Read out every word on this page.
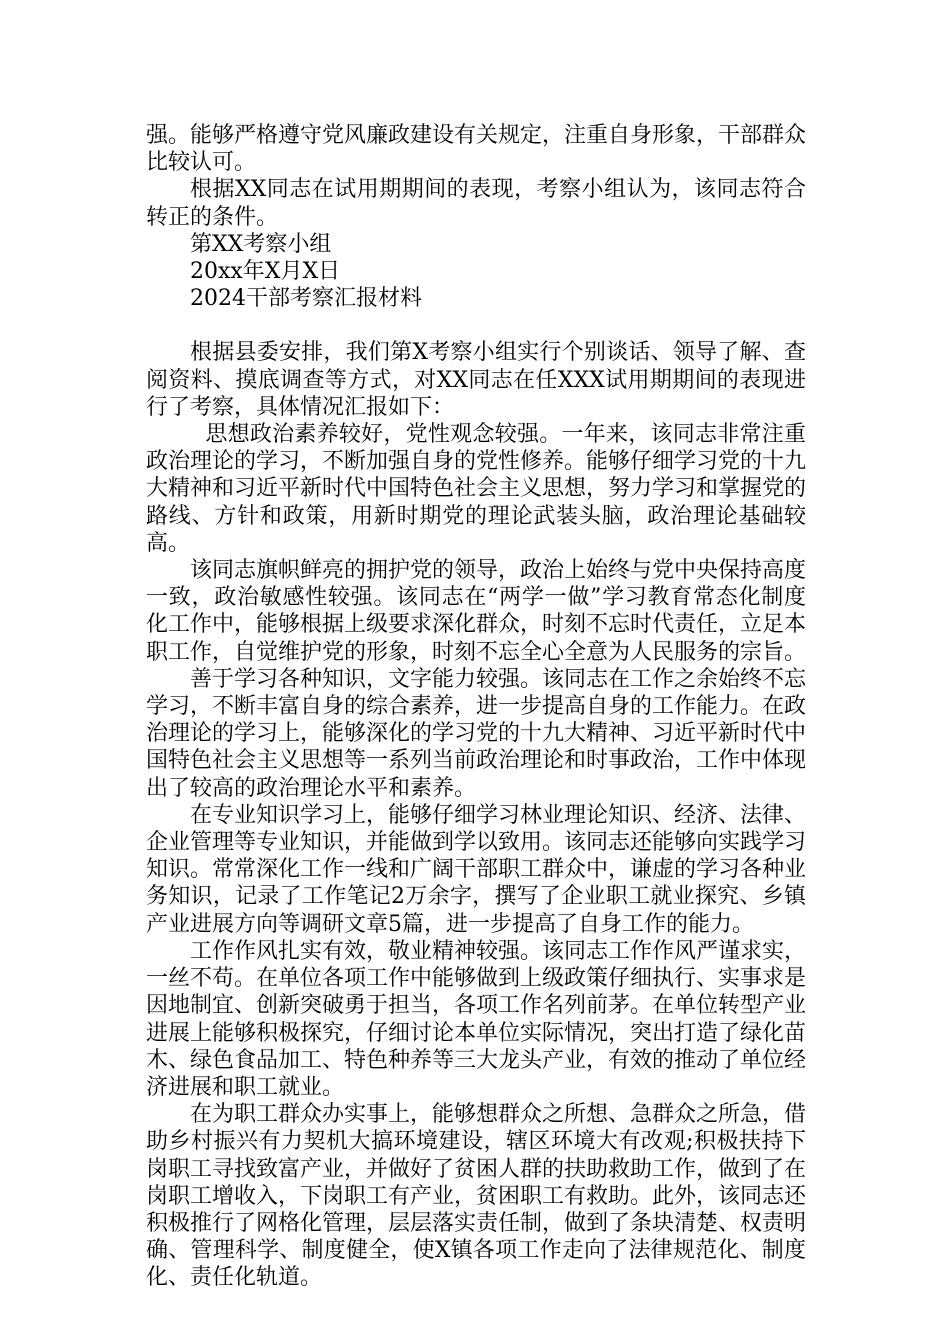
强。能够严格遵守党风廉政建设有关规定，注重自身形象，干部群众比较认可。

根据XX同志在试用期期间的表现，考察小组认为，该同志符合转正的条件。

第XX考察小组

20xx年X月X日

2024干部考察汇报材料

根据县委安排，我们第X考察小组实行个别谈话、领导了解、查阅资料、摸底调查等方式，对XX同志在任XXX试用期期间的表现进行了考察，具体情况汇报如下：

思想政治素养较好，党性观念较强。一年来，该同志非常注重政治理论的学习，不断加强自身的党性修养。能够仔细学习党的十九大精神和习近平新时代中国特色社会主义思想，努力学习和掌握党的路线、方针和政策，用新时期党的理论武装头脑，政治理论基础较高。

该同志旗帜鲜亮的拥护党的领导，政治上始终与党中央保持高度一致，政治敏感性较强。该同志在“两学一做”学习教育常态化制度化工作中，能够根据上级要求深化群众，时刻不忘时代责任，立足本职工作，自觉维护党的形象，时刻不忘全心全意为人民服务的宗旨。

善于学习各种知识，文字能力较强。该同志在工作之余始终不忘学习，不断丰富自身的综合素养，进一步提高自身的工作能力。在政治理论的学习上，能够深化的学习党的十九大精神、习近平新时代中国特色社会主义思想等一系列当前政治理论和时事政治，工作中体现出了较高的政治理论水平和素养。

在专业知识学习上，能够仔细学习林业理论知识、经济、法律、企业管理等专业知识，并能做到学以致用。该同志还能够向实践学习知识。常常深化工作一线和广阔干部职工群众中，谦虚的学习各种业务知识，记录了工作笔记2万余字，撰写了企业职工就业探究、乡镇产业进展方向等调研文章5篇，进一步提高了自身工作的能力。

工作作风扎实有效，敬业精神较强。该同志工作作风严谨求实，一丝不苟。在单位各项工作中能够做到上级政策仔细执行、实事求是因地制宜、创新突破勇于担当，各项工作名列前茅。在单位转型产业进展上能够积极探究，仔细讨论本单位实际情况，突出打造了绿化苗木、绿色食品加工、特色种养等三大龙头产业，有效的推动了单位经济进展和职工就业。

在为职工群众办实事上，能够想群众之所想、急群众之所急，借助乡村振兴有力契机大搞环境建设，辖区环境大有改观;积极扶持下岗职工寻找致富产业，并做好了贫困人群的扶助救助工作，做到了在岗职工增收入，下岗职工有产业，贫困职工有救助。此外，该同志还积极推行了网格化管理，层层落实责任制，做到了条块清楚、权责明确、管理科学、制度健全，使X镇各项工作走向了法律规范化、制度化、责任化轨道。
